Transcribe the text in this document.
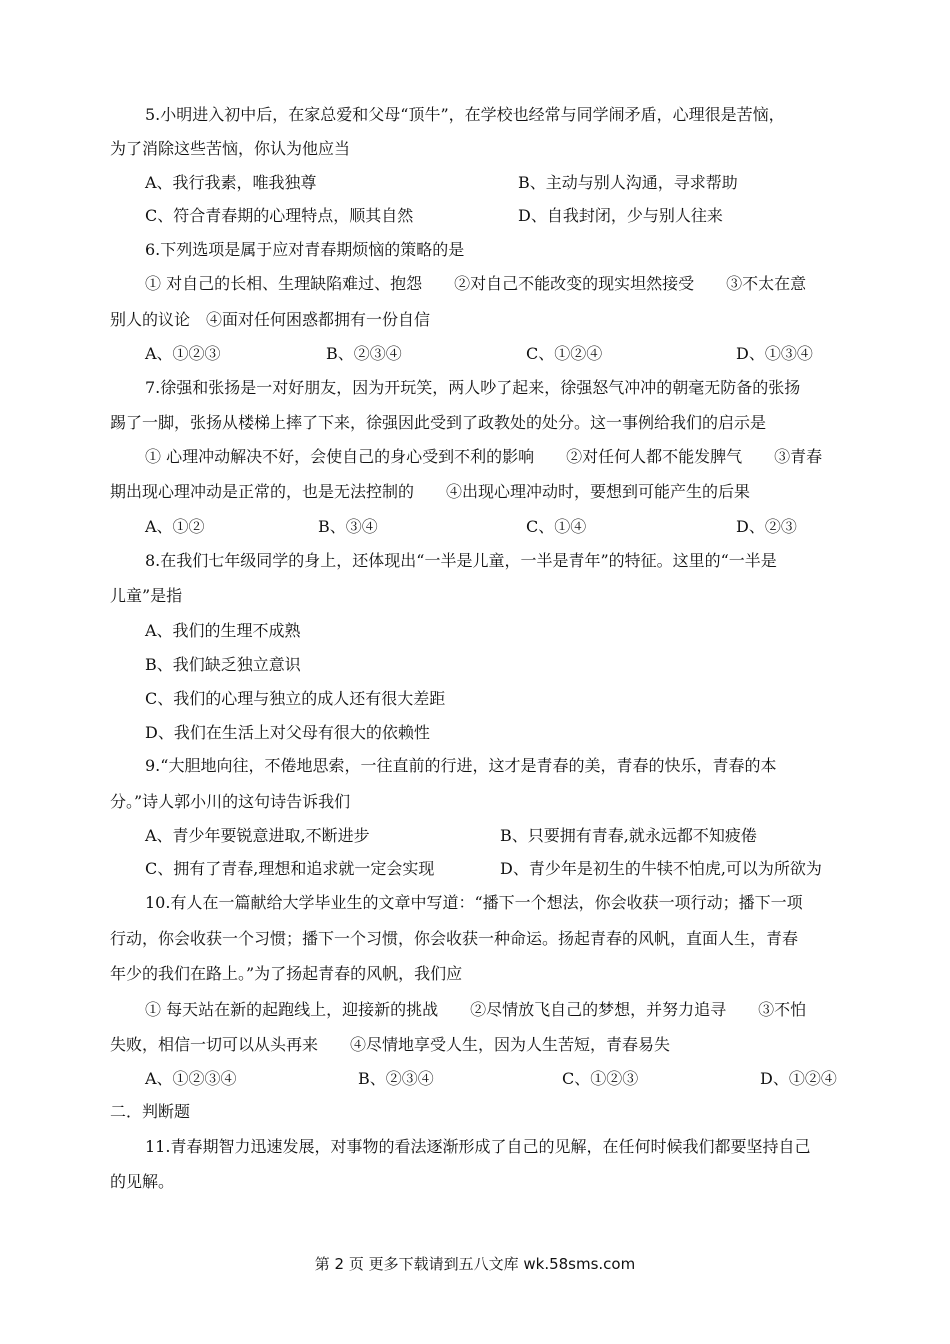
5.小明进入初中后，在家总爱和父母“顶牛”，在学校也经常与同学闹矛盾，心理很是苦恼，
为了消除这些苦恼，你认为他应当
A、我行我素，唯我独尊	B、主动与别人沟通，寻求帮助
C、符合青春期的心理特点，顺其自然	D、自我封闭，少与别人往来
6.下列选项是属于应对青春期烦恼的策略的是
① 对自己的长相、生理缺陷难过、抱怨　　②对自己不能改变的现实坦然接受　　③不太在意
别人的议论　④面对任何困惑都拥有一份自信
A、①②③	B、②③④	C、①②④	D、①③④
7.徐强和张扬是一对好朋友，因为开玩笑，两人吵了起来，徐强怒气冲冲的朝毫无防备的张扬
踢了一脚，张扬从楼梯上摔了下来，徐强因此受到了政教处的处分。这一事例给我们的启示是
① 心理冲动解决不好，会使自己的身心受到不利的影响　　②对任何人都不能发脾气　　③青春
期出现心理冲动是正常的，也是无法控制的　　④出现心理冲动时，要想到可能产生的后果
A、①②	B、③④	C、①④	D、②③
8.在我们七年级同学的身上，还体现出“一半是儿童，一半是青年”的特征。这里的“一半是
儿童”是指
A、我们的生理不成熟
B、我们缺乏独立意识
C、我们的心理与独立的成人还有很大差距
D、我们在生活上对父母有很大的依赖性
9.“大胆地向往，不倦地思索，一往直前的行进，这才是青春的美，青春的快乐，青春的本
分。”诗人郭小川的这句诗告诉我们
A、青少年要锐意进取,不断进步	B、只要拥有青春,就永远都不知疲倦
C、拥有了青春,理想和追求就一定会实现	D、青少年是初生的牛犊不怕虎,可以为所欲为
10.有人在一篇献给大学毕业生的文章中写道：“播下一个想法，你会收获一项行动；播下一项
行动，你会收获一个习惯；播下一个习惯，你会收获一种命运。扬起青春的风帆，直面人生，青春
年少的我们在路上。”为了扬起青春的风帆，我们应
① 每天站在新的起跑线上，迎接新的挑战　　②尽情放飞自己的梦想，并努力追寻　　③不怕
失败，相信一切可以从头再来　　④尽情地享受人生，因为人生苦短，青春易失
A、①②③④	B、②③④	C、①②③	D、①②④
二．判断题
11.青春期智力迅速发展，对事物的看法逐渐形成了自己的见解，在任何时候我们都要坚持自己
的见解。
第 2 页 更多下载请到五八文库 wk.58sms.com
